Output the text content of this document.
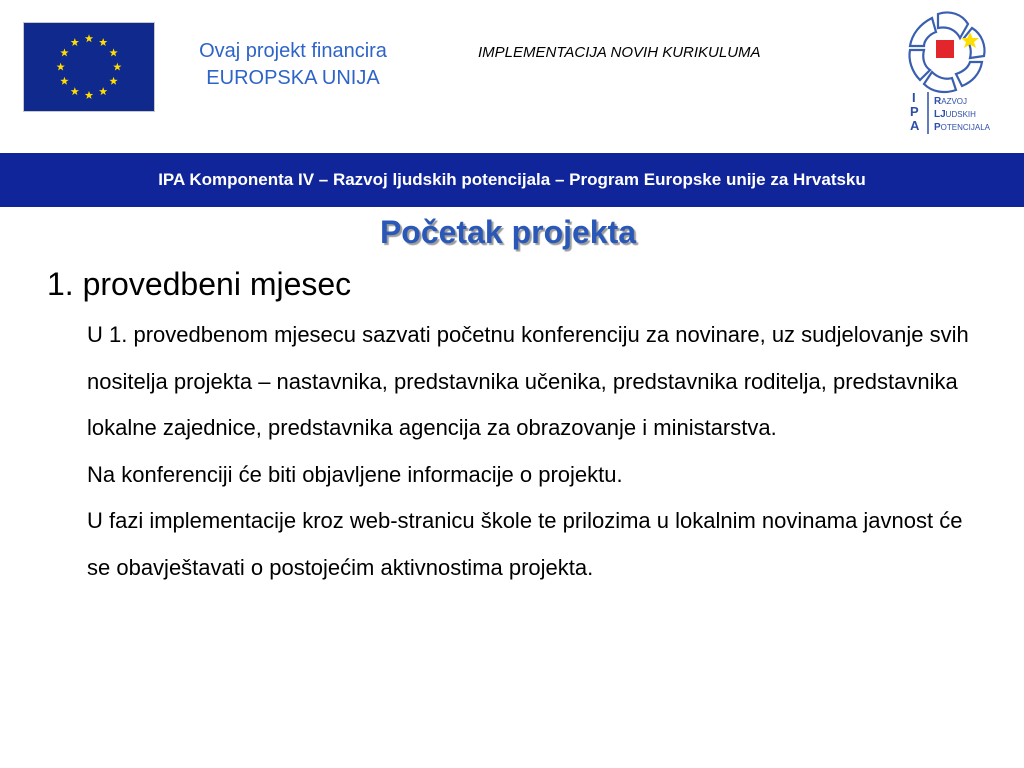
Ovaj projekt financira
EUROPSKA UNIJA
IMPLEMENTACIJA NOVIH KURIKULUMA
I
P
A
RAZVOJ
LJUDSKIH
POTENCIJALA
IPA Komponenta IV – Razvoj ljudskih potencijala – Program Europske unije za Hrvatsku
Početak projekta
1. provedbeni mjesec

U 1. provedbenom mjesecu sazvati početnu konferenciju za novinare, uz sudjelovanje svih nositelja projekta – nastavnika, predstavnika učenika, predstavnika roditelja, predstavnika lokalne zajednice, predstavnika agencija za obrazovanje i ministarstva.

Na konferenciji će biti objavljene informacije o projektu.

U fazi implementacije kroz web-stranicu škole te prilozima u lokalnim novinama javnost će se obavještavati o postojećim aktivnostima projekta.
